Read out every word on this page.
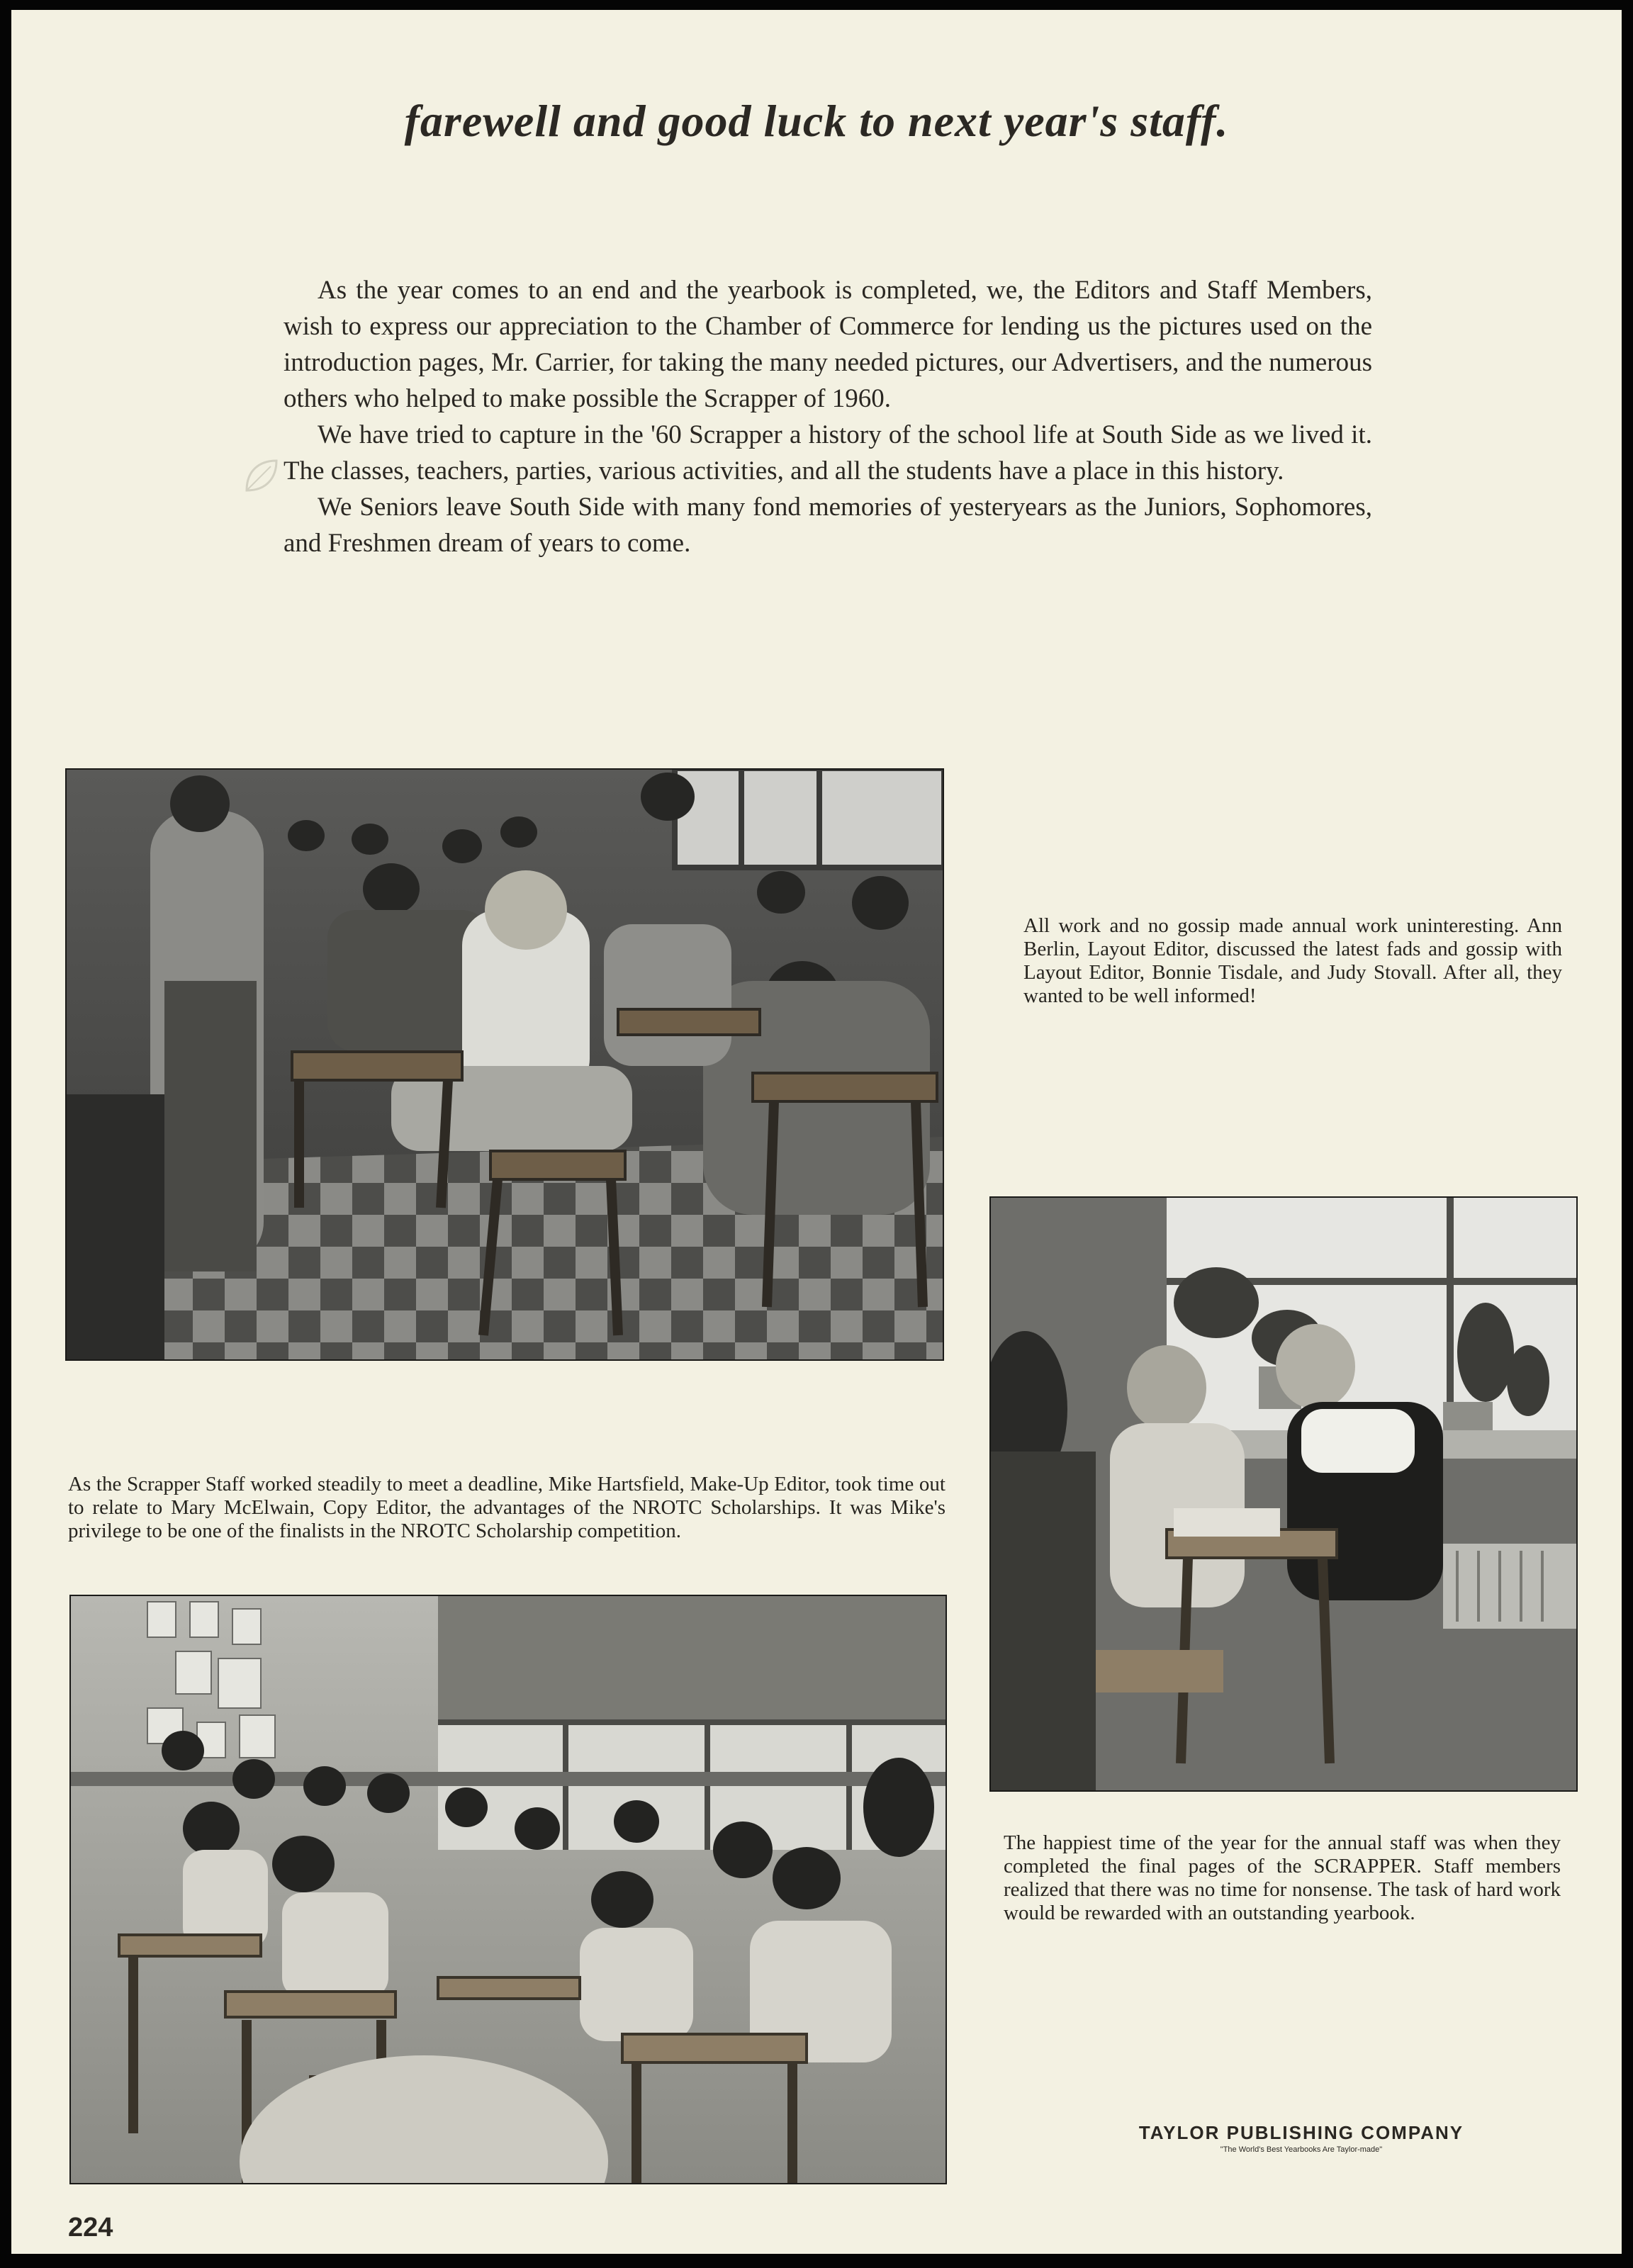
farewell and good luck to next year's staff.

As the year comes to an end and the yearbook is completed, we, the Editors and Staff Members, wish to express our appreciation to the Chamber of Commerce for lending us the pictures used on the introduction pages, Mr. Carrier, for taking the many needed pictures, our Advertisers, and the numerous others who helped to make possible the Scrapper of 1960.

We have tried to capture in the '60 Scrapper a history of the school life at South Side as we lived it. The classes, teachers, parties, various activities, and all the students have a place in this history.

We Seniors leave South Side with many fond memories of yesteryears as the Juniors, Sophomores, and Freshmen dream of years to come.

All work and no gossip made annual work uninteresting. Ann Berlin, Layout Editor, discussed the latest fads and gossip with Layout Editor, Bonnie Tisdale, and Judy Stovall. After all, they wanted to be well informed!

As the Scrapper Staff worked steadily to meet a deadline, Mike Hartsfield, Make-Up Editor, took time out to relate to Mary McElwain, Copy Editor, the advantages of the NROTC Scholarships. It was Mike's privilege to be one of the finalists in the NROTC Scholarship competition.

The happiest time of the year for the annual staff was when they completed the final pages of the SCRAPPER. Staff members realized that there was no time for nonsense. The task of hard work would be rewarded with an outstanding yearbook.

TAYLOR PUBLISHING COMPANY
"The World's Best Yearbooks Are Taylor-made"

224
